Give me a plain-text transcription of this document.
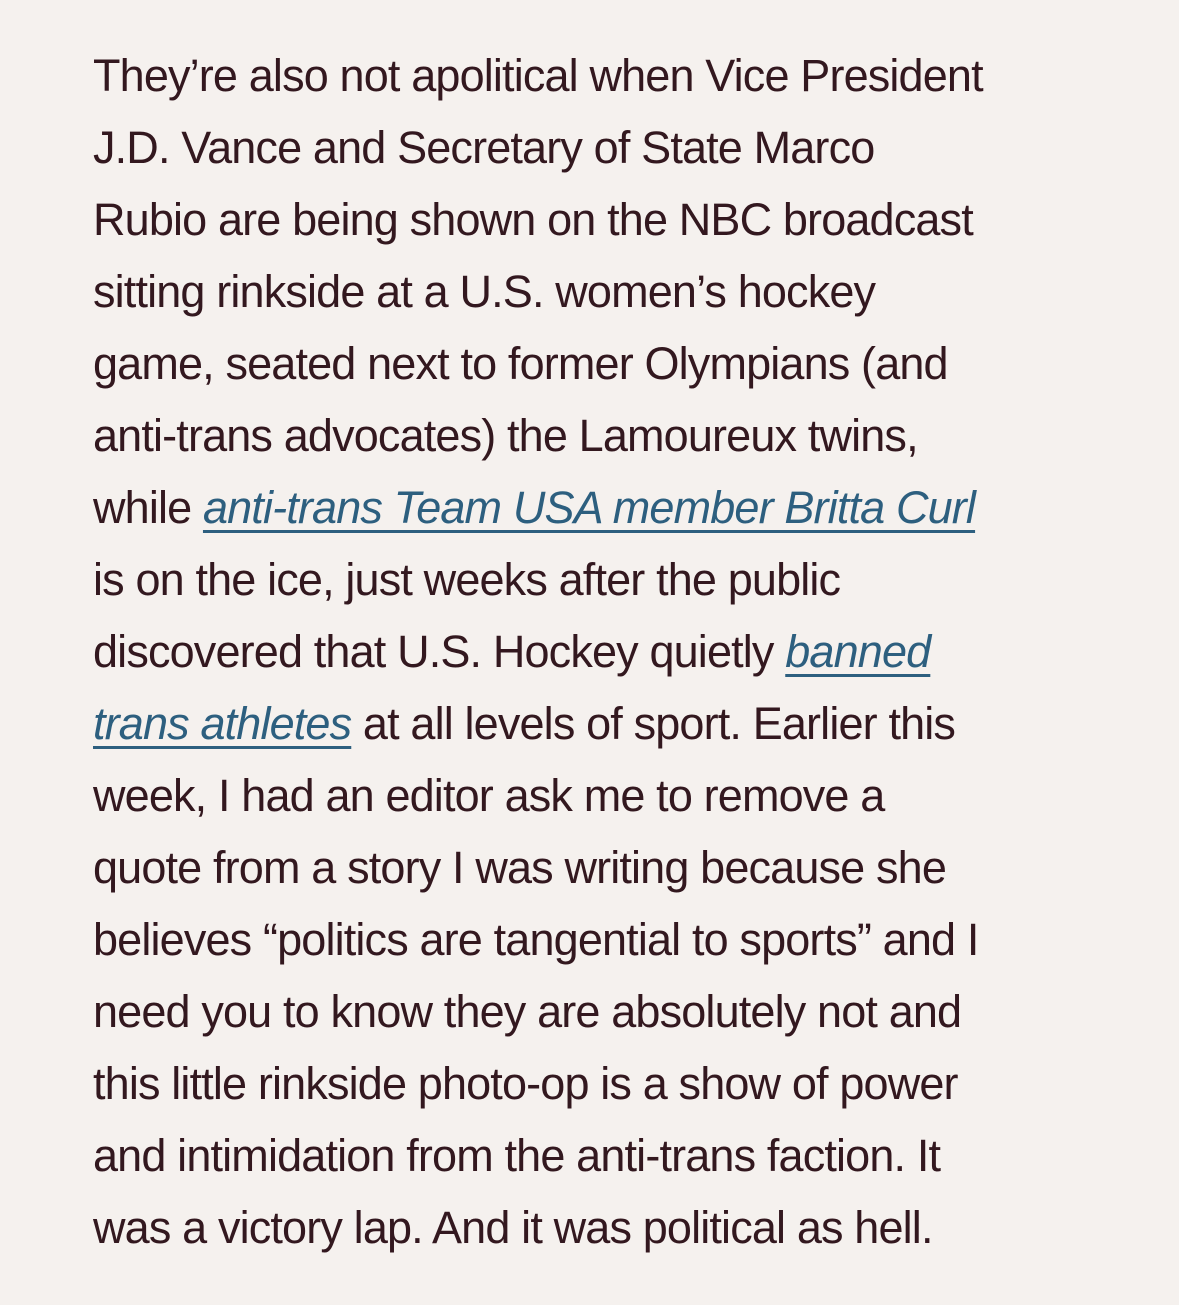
They’re also not apolitical when Vice President
J.D. Vance and Secretary of State Marco
Rubio are being shown on the NBC broadcast
sitting rinkside at a U.S. women’s hockey
game, seated next to former Olympians (and
anti-trans advocates) the Lamoureux twins,
while anti-trans Team USA member Britta Curl
is on the ice, just weeks after the public
discovered that U.S. Hockey quietly banned
trans athletes at all levels of sport. Earlier this
week, I had an editor ask me to remove a
quote from a story I was writing because she
believes “politics are tangential to sports” and I
need you to know they are absolutely not and
this little rinkside photo-op is a show of power
and intimidation from the anti-trans faction. It
was a victory lap. And it was political as hell.
